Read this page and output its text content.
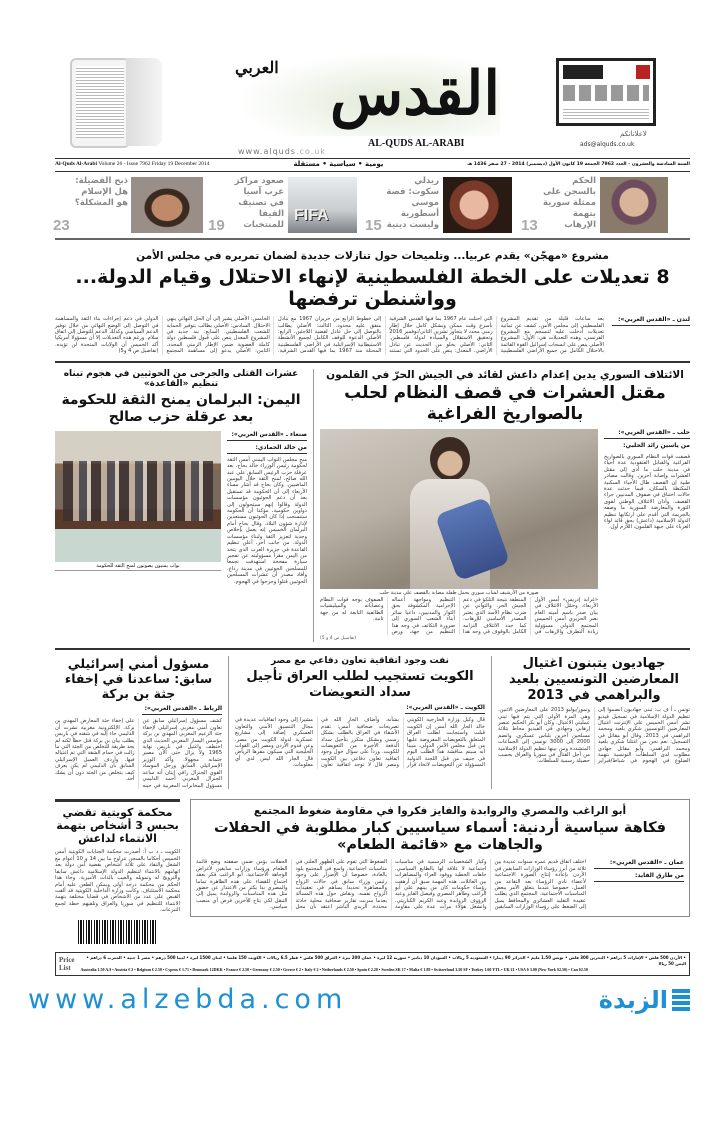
القدس
العربي
AL-QUDS AL-ARABI
www.alquds.co.uk
لاعلاناتكم
ads@alquds.co.uk
Al-Quds Al-Arabi Volume 26 - Issue 7962 Friday 19 December 2014	يومية • سياسية • مستقلة	السنة السادسة والعشرون - العدد 7962 الجمعة 19 كانون الأول (ديسمبر) 2014 - 27 صفر 1436 هـ
الحكم بالسجن على ممثلة سورية بتهمة الإرهاب
13
ريدلي سكوت: قصة موسى أسطورية وليست دينية
15
FIFA
صعود مراكز عرب آسيا في تصنيف الفيفا للمنتخبات
19
ذبح الفضيلة: هل الإسلام هو المشكلة؟
23
مشروع «مهجّن» يقدم عربيا... وتلميحات حول تنازلات جديدة لضمان تمريره في مجلس الأمن
8 تعديلات على الخطة الفلسطينية لإنهاء الاحتلال وقيام الدولة... وواشنطن ترفضها
لندن ـ «القدس العربي»:
بعد ساعات قليلة من تقديم المشروع الفلسطيني إلى مجلس الأمن، كشف عن ثمانية تعديلات أدخلت عليه لتنسجم مع المشروع الفرنسي، وهذه التعديلات هي: الأول: المشروع الأصلي ينص على انسحاب إسرائيل القوة القائمة بالاحتلال الكامل من جميع الأراضي الفلسطينية التي احتلت عام 1967 بما فيها القدس الشرقية بأسرع وقت ممكن وبشكل كامل خلال إطار زمني محدد لا يتجاوز تشرين الثاني/نوفمبر 2016 وتحقيق الاستقلال والسيادة لدولة فلسطين. الثاني: الأصلي يخلو من الحديث عن تبادل الأراضي. المعدل: ينص على الحدود التي تستند إلى خطوط الرابع من حزيران 1967 مع تبادل متفق عليه محدود. الثالث: الأصلي يطالب بالتوصل إلى حل عادل لقضية اللاجئين. الرابع: الأصلي الدعوة للوقف الكامل لجميع الأنشطة الاستيطانية الإسرائيلية في الأراضي الفلسطينية المحتلة منذ 1967 بما فيها القدس الشرقية. الخامس: الأصلي يشير إلى أن الحل النهائي ينهي الاحتلال. السادس: الأصلي يطالب بتوفير الحماية للشعب الفلسطيني. السابع: بند جديد في المشروع المعدل ينص على قبول فلسطين دولة كاملة العضوية ضمن الإطار الزمني المحدد. الثامن: الأصلي يدعو إلى مساهمة المجتمع الدولي في دعم إجراءات بناء الثقة والمساهمة في التوصل إلى الوضع النهائي من خلال توفير الدعم السياسي وكذلك الدعم للتوصل إلى اتفاق سلام. ورغم هذه التعديلات إلا أن مسؤولا أمريكيا أكد الخميس أن الولايات المتحدة لن تؤيده. (تفاصيل ص 4 و5)
الائتلاف السوري يدين إعدام داعش لقائد في الجيش الحرّ في القلمون
مقتل العشرات في قصف النظام لحلب بالصواريخ الفراغية
حلب ـ «القدس العربي»:
من ياسين رائد الحلبي:
قصفت قوات النظام السوري بالصواريخ الفراغية والقنابل العنقودية عدة أحياء في مدينة حلب ما أدى إلى مقتل العشرات وإصابة آخرين. وقالت مصادر طبية إن القصف طال الأحياء السكنية المكتظة بالسكان، فيما حدثت عدة حالات اختناق في صفوف المدنيين جراء القصف. وأدان الائتلاف الوطني لقوى الثورة والمعارضة السورية ما وصفه بالجريمة التي أقدم على ارتكابها تنظيم الدولة الإسلامية (داعش) بحق قائد لواء الغرباء على جبهة القلمون، اللازم أول.
صورة من الأرشيف لشاب سوري يحمل طفلة مصابة بالقصف على مدينة حلب
«غرابة إدريس» أمس الأول الأربعاء. وحمّل الائتلاف في بيان صدر باسم أمينه العام نصر الحريري أمس الخميس المجتمع الدولي مسؤولية زيادة التطرف والإرهاب في المنطقة نتيجة التلكؤ في دعم الجيش الحر. والتواني عن ضرب نظام الأسد الذي يعتبر المصدر الأساسي للإرهاب. كما جدد الائتلاف التزامه الكامل بالوقوف في وجه هذا التنظيم ومواجهة أعماله الإجرامية المكشوفة بحق الثوار والمدنيين، داعيا سائر أبناء الشعب السوري إلى ضرورة التكاتف في وجه هذا التنظيم من جهة، ورص الصفوف بوجه قوات النظام وعصاباته والميليشيات الطائفية التابعة له من جهة ثانية.
(تفاصيل ص 4 و 5)
عشرات القتلى والجرحى من الحوثيين في هجوم تبناه تنظيم «القاعدة»
اليمن: البرلمان يمنح الثقة للحكومة بعد عرقلة حزب صالح
صنعاء ـ «القدس العربي»:
من خالد الحمادي:
منح مجلس النواب اليمني أمس الثقة لحكومة رئيس الوزراء خالد بحاح، بعد عرقلة حزب الرئيس السابق علي عبد الله صالح، لمنح الثقة خلال اليومين الماضيين. وكان بحاح قد أشار مساء الأربعاء إلى أن الحكومة قد تستقيل بعد أن دعم الحوثيون مؤسسات الدولة وقالوا إنهم سيتحولون إلى دواوين حكومية، مؤكدا أن الحكومة ستنسحب إذا كان الحوثيون مستعدين لإدارة شؤون البلاد. وقال بحاح أمام البرلمان الخميس إنه يعمل بإخلاص وجدية لتعزيز الثقة ولبناء مؤسسات الدولة. من جانب آخر، أعلن تنظيم القاعدة في جزيرة العرب الذي يتخذ من اليمن مقرا مسؤوليته عن تفجير سيارة مفخخة استهدفت تجمعا للمسلحين الحوثيين في مدينة رداع. وأفاد مصدر أن عشرات المسلحين الحوثيين قتلوا وجرحوا في الهجوم.
نواب يمنيون يصوتون لمنح الثقة للحكومة
جهاديون يتبنون اغتيال المعارضين التونسيين بلعيد والبراهمي في 2013
تونس ـ أ ف ب: تبنى جهاديون انضموا إلى تنظيم الدولة الإسلامية في تسجيل فيديو نشر أمس الخميس على الإنترنت اغتيال المعارضين التونسيين شكري بلعيد ومحمد البراهمي في 2013. وقال أبو مقاتل في التسجيل: نعم نحن من اغتلنا شكري بلعيد ومحمد البراهمي. وأبو مقاتل جهادي مطلوب لدى السلطات التونسية بتهمة الضلوع في الهجوم في شباط/فبراير وتموز/يوليو 2013 على المعارضين الاثنين. وهي المرة الأولى التي يتم فيها تبني عمليتي الاغتيال. وكان أبو بكر الحكيم عنصر إرهابي وجهادي في الفيديو محاط بثلاثة مسلحين آخرين بلباس عسكري. وانضم 2000 إلى 3000 تونسي إلى الجماعات المتشددة ومن بينها تنظيم الدولة الإسلامية من أجل القتال في سوريا والعراق بحسب حصيلة رسمية للسلطات.
نفت وجود اتفاقية تعاون دفاعي مع مصر
الكويت تستجيب لطلب العراق تأجيل سداد التعويضات
الكويت ـ «القدس العربي»:
قال وكيل وزارة الخارجية الكويتي خالد الجار الله أمس إن الكويت قبلت واستجابت لطلب العراق المتعلق بالتعويضات المفروضة عليها من قبل مجلس الأمن الدولي. مبينا أنه سيتم مناقشة هذا الطلب اليوم في جنيف من قبل اللجنة الدولية المسؤولة عن التعويضات لاتخاذ قرار بشأنه. وأضاف الجار الله في تصريحات صحافية أمس: تقدم الأشقاء في العراق بالطلب بشكل رسمي وبشكل متكرر بتأجيل سداد الدفعة الأخيرة من التعويضات للكويت. ورداً على سؤال حول وجود اتفاقية تعاون دفاعي بين الكويت ومصر قال لا توجد اتفاقية تعاون مشيرا إلى وجود اتفاقيات عديدة في مجال التنسيق الأمني والتعاون العسكري إضافة إلى مشاريع عسكرية لدولة الكويت من مصر. وعن قدوم الأردن ومصر إلى القوات الخليجية التي سيكون مقرها الرياض قال الجار الله ليس لدي أي معلومات.
مسؤول أمني إسرائيلي سابق: ساعدنا في إخفاء جثة بن بركة
الرباط ـ «القدس العربي»:
كشف مسؤول إسرائيلي سابق عن تعاون أمني مغربي إسرائيلي لإخفاء جثة الزعيم المغربي المهدي بن بركة مؤسس اليسار المغربي الحديث الذي اختطف واغتيل في باريس نهاية 1965 ولا يزال حتى الآن مصير جثمانه مجهولا. وأكد الوزير الإسرائيلي السابق ورجل الموساد القوي الجنرال رافي إيتان أنه ساعد الجنرال المغربي أحمد الدليمي مسؤول المخابرات المغربية في حينه على إخفاء جثة المعارض المهدي بن بركة. الإلكترونية مغربية نشرت أن الدليمي جاء إليه في شقته في باريس يطلب بيان بن بركة قتل خطأ لكنه لم يجد طريقة للتخلص من الجثة التي ما زالت في حمام الشقة التي تم اغتياله فيها. وأردف العميل الإسرائيلي السابق بأن الدليمي لم يكن يعرف كيف يتخلص من الجثة دون أن يشك أحد.
أبو الراغب والمصري والروابدة والفايز فكروا في مقاومة ضغوط المجتمع
فكاهة سياسية أردنية: أسماء سياسيين كبار مطلوبة في الحفلات والجاهات مع «قائمة الطعام»
عمان ـ «القدس العربي»:
من طارق الفايد:
اختلف اتفاق قديم عمره سنوات عديدة بين ثلاثة من أبرز رؤساء الوزارات السابقين في الأردن بإعادة إنتاج الصورة الاجتماعية لأعضاء نادي الرؤساء بعد التقاعد من العمل، خصوصا عندما يتعلق الأمر ببعض المناسبات الاجتماعية. المجتمع الذي يطلب عقيدة التقليد العشائري والمحافظ يميل إلى الضغط على رؤساء الوزارات السابقين وكبار الشخصيات الرسمية في مناسبات اجتماعية لا علاقة لها بالطابع السياسي. جاهات الخطبة ووفود العزاء والمصاهرات بين العائلات. هذه المهمة سبق أن أرهقت رؤساء حكومات كان من بينهم علي أبو الراغب وطاهر المصري وفيصل الفايز وعبد الرؤوف الروابدة وعبد الكريم الكباريتي. وانشغل هؤلاء مرات عدة على مقاومة الضغوط التي تقوم على الظهور العلني في مناسبات اجتماعية. واسع في المجتمع يلوذ بالعادة، خصوصا أن الإصرار على وجود رئيس وزراء سابق في حالات الزواج والمصاهرة تحديدا يساهم في تعقيدات الزواج نفسه. ونقاش حول هذه المسألة بعدما سربت تقارير صحافية محلية حادثة محددة. الزيدي الباشر اعتقد بأن محل الحفلات يؤمن ضمن صفقته وضع قائمة الطعام ورؤساء وزارات سابقين لأغراض الوجاهة الاجتماعية. أبو الراغب فكر بعقد اجتماع للقضاء على هذه الظاهرة تماما والمصري بدا يكثر من الاعتذار عن حضور مثل هذه المناسبات والروابدة يميل إلى التنقل لكي يتاح للآخرين فرص أي منصب سياسي.
محكمة كويتية تقضي بحبس 3 أشخاص بتهمة الانتماء لداعش
الكويت ـ د ب أ: أصدرت محكمة الجنايات الكويتية أمس الخميس أحكاما بالسجن تتراوح ما بين 14 و 10 أعوام مع الشغل والنفاذ على ثلاثة أشخاص بقضية أمن دولة بعد اتهامهم بالانتماء لتنظيم الدولة الإسلامية داعش سابقا والترويج له وتمويله والعيب بالذات الأميرية. وجاء هذا الحكم من محكمة درجة أولى ويمكن الطعن عليه أمام محكمة الاستئناف. وكانت وزارة الداخلية الكويتية قد ألقت القبض على عدد من الأشخاص في قضايا مختلفة بتهمة الانتماء للتنظيم في سوريا والعراق وتلقيهم خطة لجمع التبرعات.
Price
List
• الأردن 500 فلس • الإمارات 5 دراهم • البحرين 300 فلس • تونس 1.50 مليم • الجزائر 90 دينارا • السعودية 5 ريالات • السودان 10 دنانير • سورية 12 ليرة • عمان 200 بيزة • العراق 500 فلس • قطر 6.5 ريالات • الكويت 150 فلسا • لبنان 1500 ليرة • ليبيا 500 درهم • مصر 1 جنيه • المغرب 6 دراهم • اليمن 50 ريالا
Australia 1.50 A.$ • Austria € 2 • Belgium € 2.50 • Cyprus € 1.71 • Denmark 12DKK • France € 2.50 • Germany € 2.50 • Greece € 2 • Italy € 2 • Netherlands € 2.50 • Spain € 2.20 • Sweden SK 17 • Malta € 1.89 • Switzerland 3.50 SF • Turkey 1.60 YTL • UK £1 • USA $ 3.00 (New York $2.50) • Can $2.50
www.alzebda.com	الزبدة
